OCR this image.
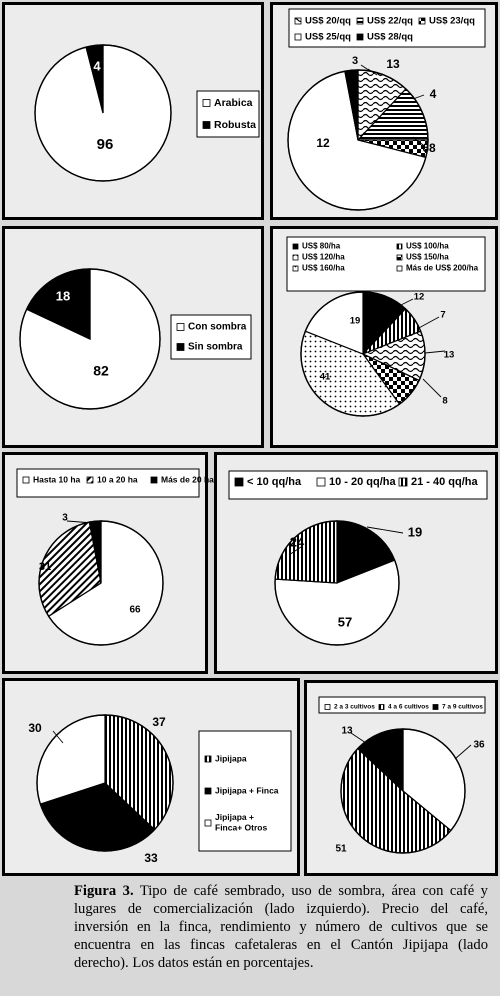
96
4
Arabica
Robusta
12
13
4
68
3
US$ 20/qq US$ 22/qq US$ 23/qq
US$ 25/qq US$ 28/qq
82
18
Con sombra
Sin sombra
12
7
13
8
41
19
US$ 80/ha	US$ 100/ha
US$ 120/ha	US$ 150/ha
US$ 160/ha	Más de US$ 200/ha
66
31
3
Hasta 10 ha 10 a 20 ha	Más de 20 ha
19
57
24
< 10 qq/ha	10 - 20 qq/ha 21 - 40 qq/ha
37
33
30
Jipijapa
Jipijapa + Finca
Jipijapa +
Finca+ Otros
36
51
13
2 a 3 cultivos 4 a 6 cultivos 7 a 9 cultivos
Figura 3. Tipo de café sembrado, uso de sombra, área con café y lugares de comercialización (lado izquierdo). Precio del café, inversión en la finca, rendimiento y número de cultivos que se encuentra en las fincas cafetaleras en el Cantón Jipijapa (lado derecho). Los datos están en porcentajes.
